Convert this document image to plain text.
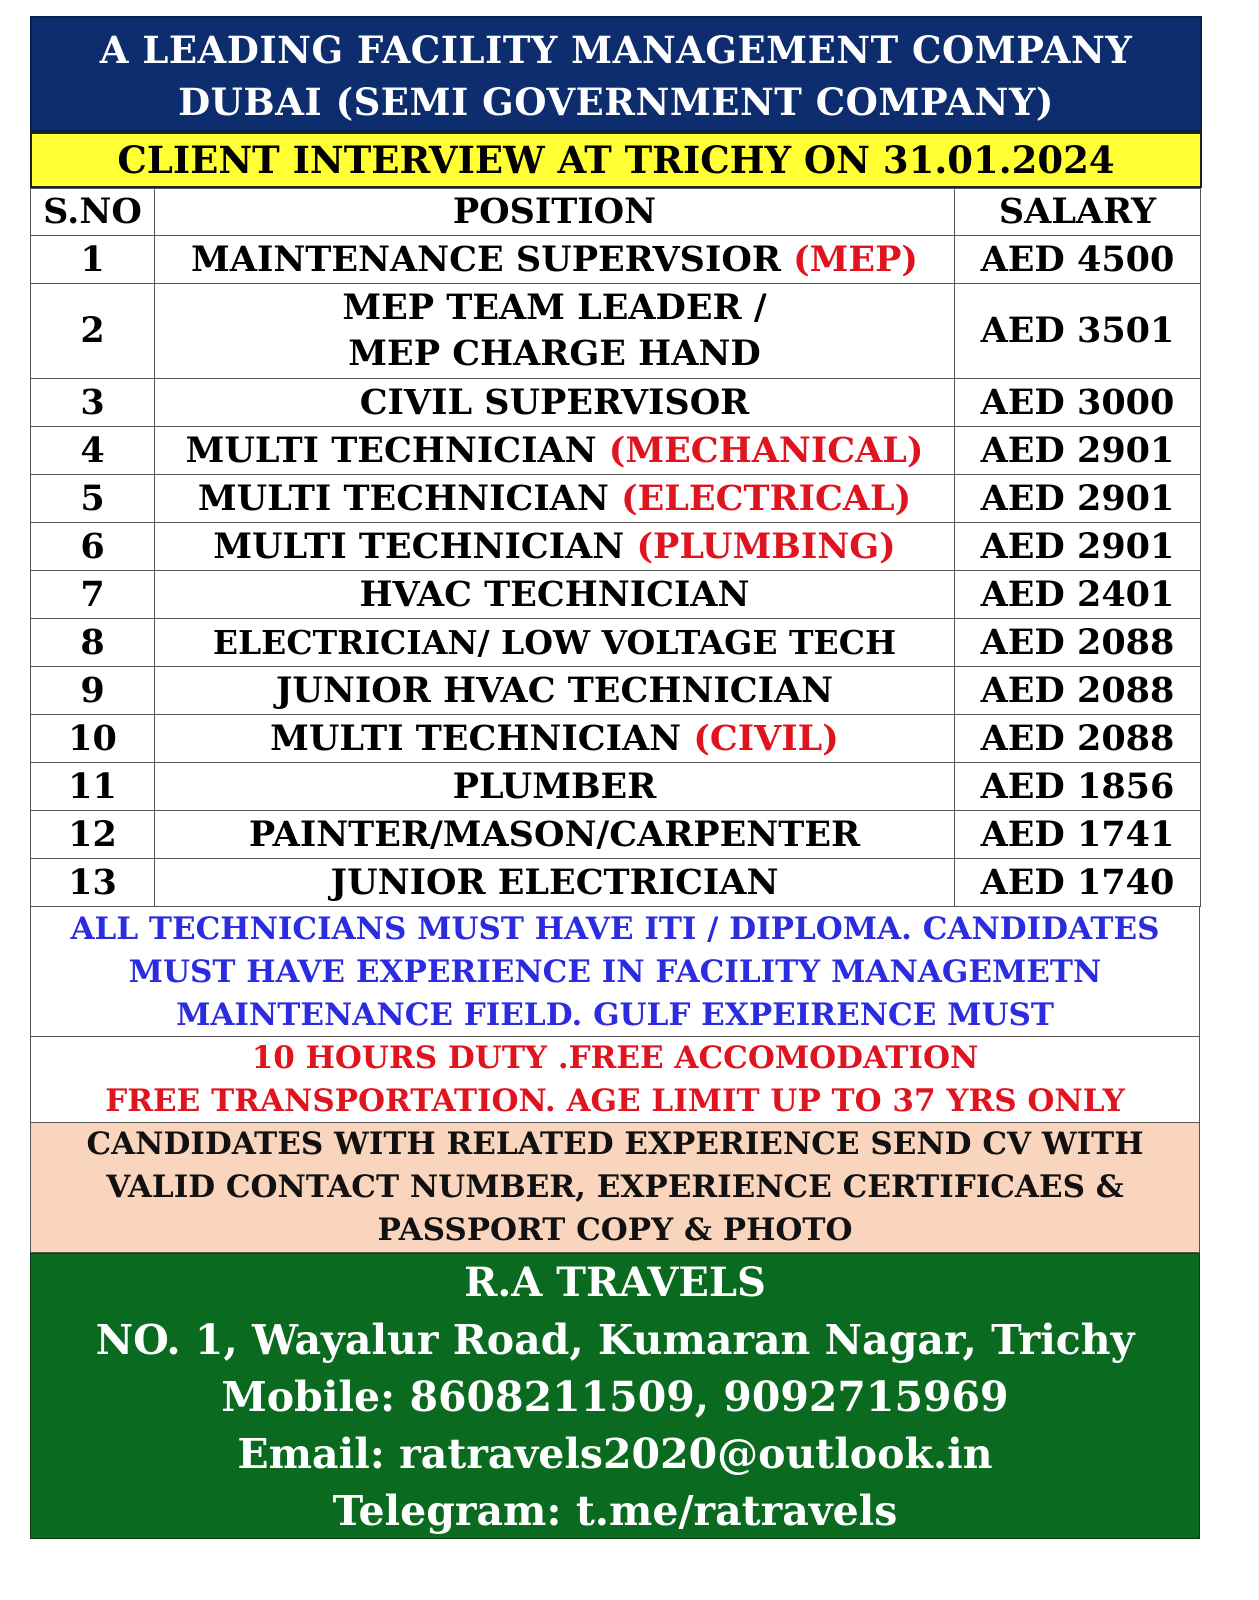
A LEADING FACILITY MANAGEMENT COMPANY
DUBAI (SEMI GOVERNMENT COMPANY)
CLIENT INTERVIEW AT TRICHY ON 31.01.2024
S.NO	POSITION	SALARY
1	MAINTENANCE SUPERVSIOR (MEP)	AED 4500
2	MEP TEAM LEADER /
MEP CHARGE HAND	AED 3501
3	CIVIL SUPERVISOR	AED 3000
4	MULTI TECHNICIAN (MECHANICAL)	AED 2901
5	MULTI TECHNICIAN (ELECTRICAL)	AED 2901
6	MULTI TECHNICIAN (PLUMBING)	AED 2901
7	HVAC TECHNICIAN	AED 2401
8	ELECTRICIAN/ LOW VOLTAGE TECH	AED 2088
9	JUNIOR HVAC TECHNICIAN	AED 2088
10	MULTI TECHNICIAN (CIVIL)	AED 2088
11	PLUMBER	AED 1856
12	PAINTER/MASON/CARPENTER	AED 1741
13	JUNIOR ELECTRICIAN	AED 1740
ALL TECHNICIANS MUST HAVE ITI / DIPLOMA. CANDIDATES
MUST HAVE EXPERIENCE IN FACILITY MANAGEMETN
MAINTENANCE FIELD. GULF EXPEIRENCE MUST
10 HOURS DUTY .FREE ACCOMODATION
FREE TRANSPORTATION. AGE LIMIT UP TO 37 YRS ONLY
CANDIDATES WITH RELATED EXPERIENCE SEND CV WITH
VALID CONTACT NUMBER, EXPERIENCE CERTIFICAES &
PASSPORT COPY & PHOTO
R.A TRAVELS
NO. 1, Wayalur Road, Kumaran Nagar, Trichy
Mobile: 8608211509, 9092715969
Email: ratravels2020@outlook.in
Telegram: t.me/ratravels
